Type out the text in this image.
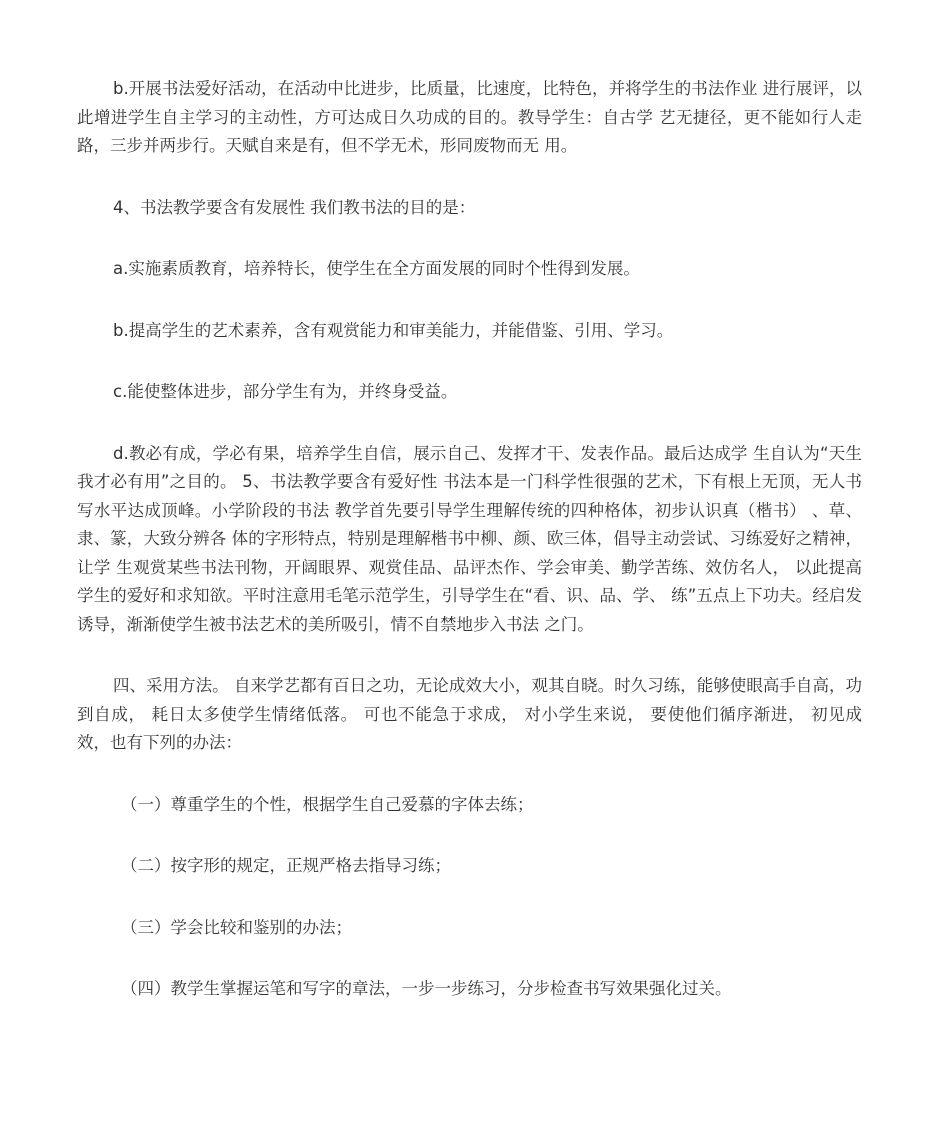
b.开展书法爱好活动，在活动中比进步，比质量，比速度，比特色，并将学生的书法作业 进行展评，以此增进学生自主学习的主动性，方可达成日久功成的目的。教导学生：自古学 艺无捷径，更不能如行人走路，三步并两步行。天赋自来是有，但不学无术，形同废物而无 用。

4、书法教学要含有发展性 我们教书法的目的是：

a.实施素质教育，培养特长，使学生在全方面发展的同时个性得到发展。

b.提高学生的艺术素养，含有观赏能力和审美能力，并能借鉴、引用、学习。

c.能使整体进步，部分学生有为，并终身受益。

d.教必有成，学必有果，培养学生自信，展示自己、发挥才干、发表作品。最后达成学 生自认为“天生我才必有用”之目的。 5、书法教学要含有爱好性 书法本是一门科学性很强的艺术，下有根上无顶，无人书写水平达成顶峰。小学阶段的书法 教学首先要引导学生理解传统的四种格体，初步认识真（楷书） 、草、隶、篆，大致分辨各 体的字形特点，特别是理解楷书中柳、颜、欧三体，倡导主动尝试、习练爱好之精神，让学 生观赏某些书法刊物，开阔眼界、观赏佳品、品评杰作、学会审美、勤学苦练、效仿名人， 以此提高学生的爱好和求知欲。平时注意用毛笔示范学生，引导学生在“看、识、品、学、 练”五点上下功夫。经启发诱导，渐渐使学生被书法艺术的美所吸引，情不自禁地步入书法 之门。

四、采用方法。 自来学艺都有百日之功，无论成效大小，观其自晓。时久习练，能够使眼高手自高，功 到自成， 耗日太多使学生情绪低落。 可也不能急于求成， 对小学生来说， 要使他们循序渐进， 初见成效，也有下列的办法：

（一）尊重学生的个性，根据学生自己爱慕的字体去练；

（二）按字形的规定，正规严格去指导习练；

（三）学会比较和鉴别的办法；

（四）教学生掌握运笔和写字的章法，一步一步练习，分步检查书写效果强化过关。
